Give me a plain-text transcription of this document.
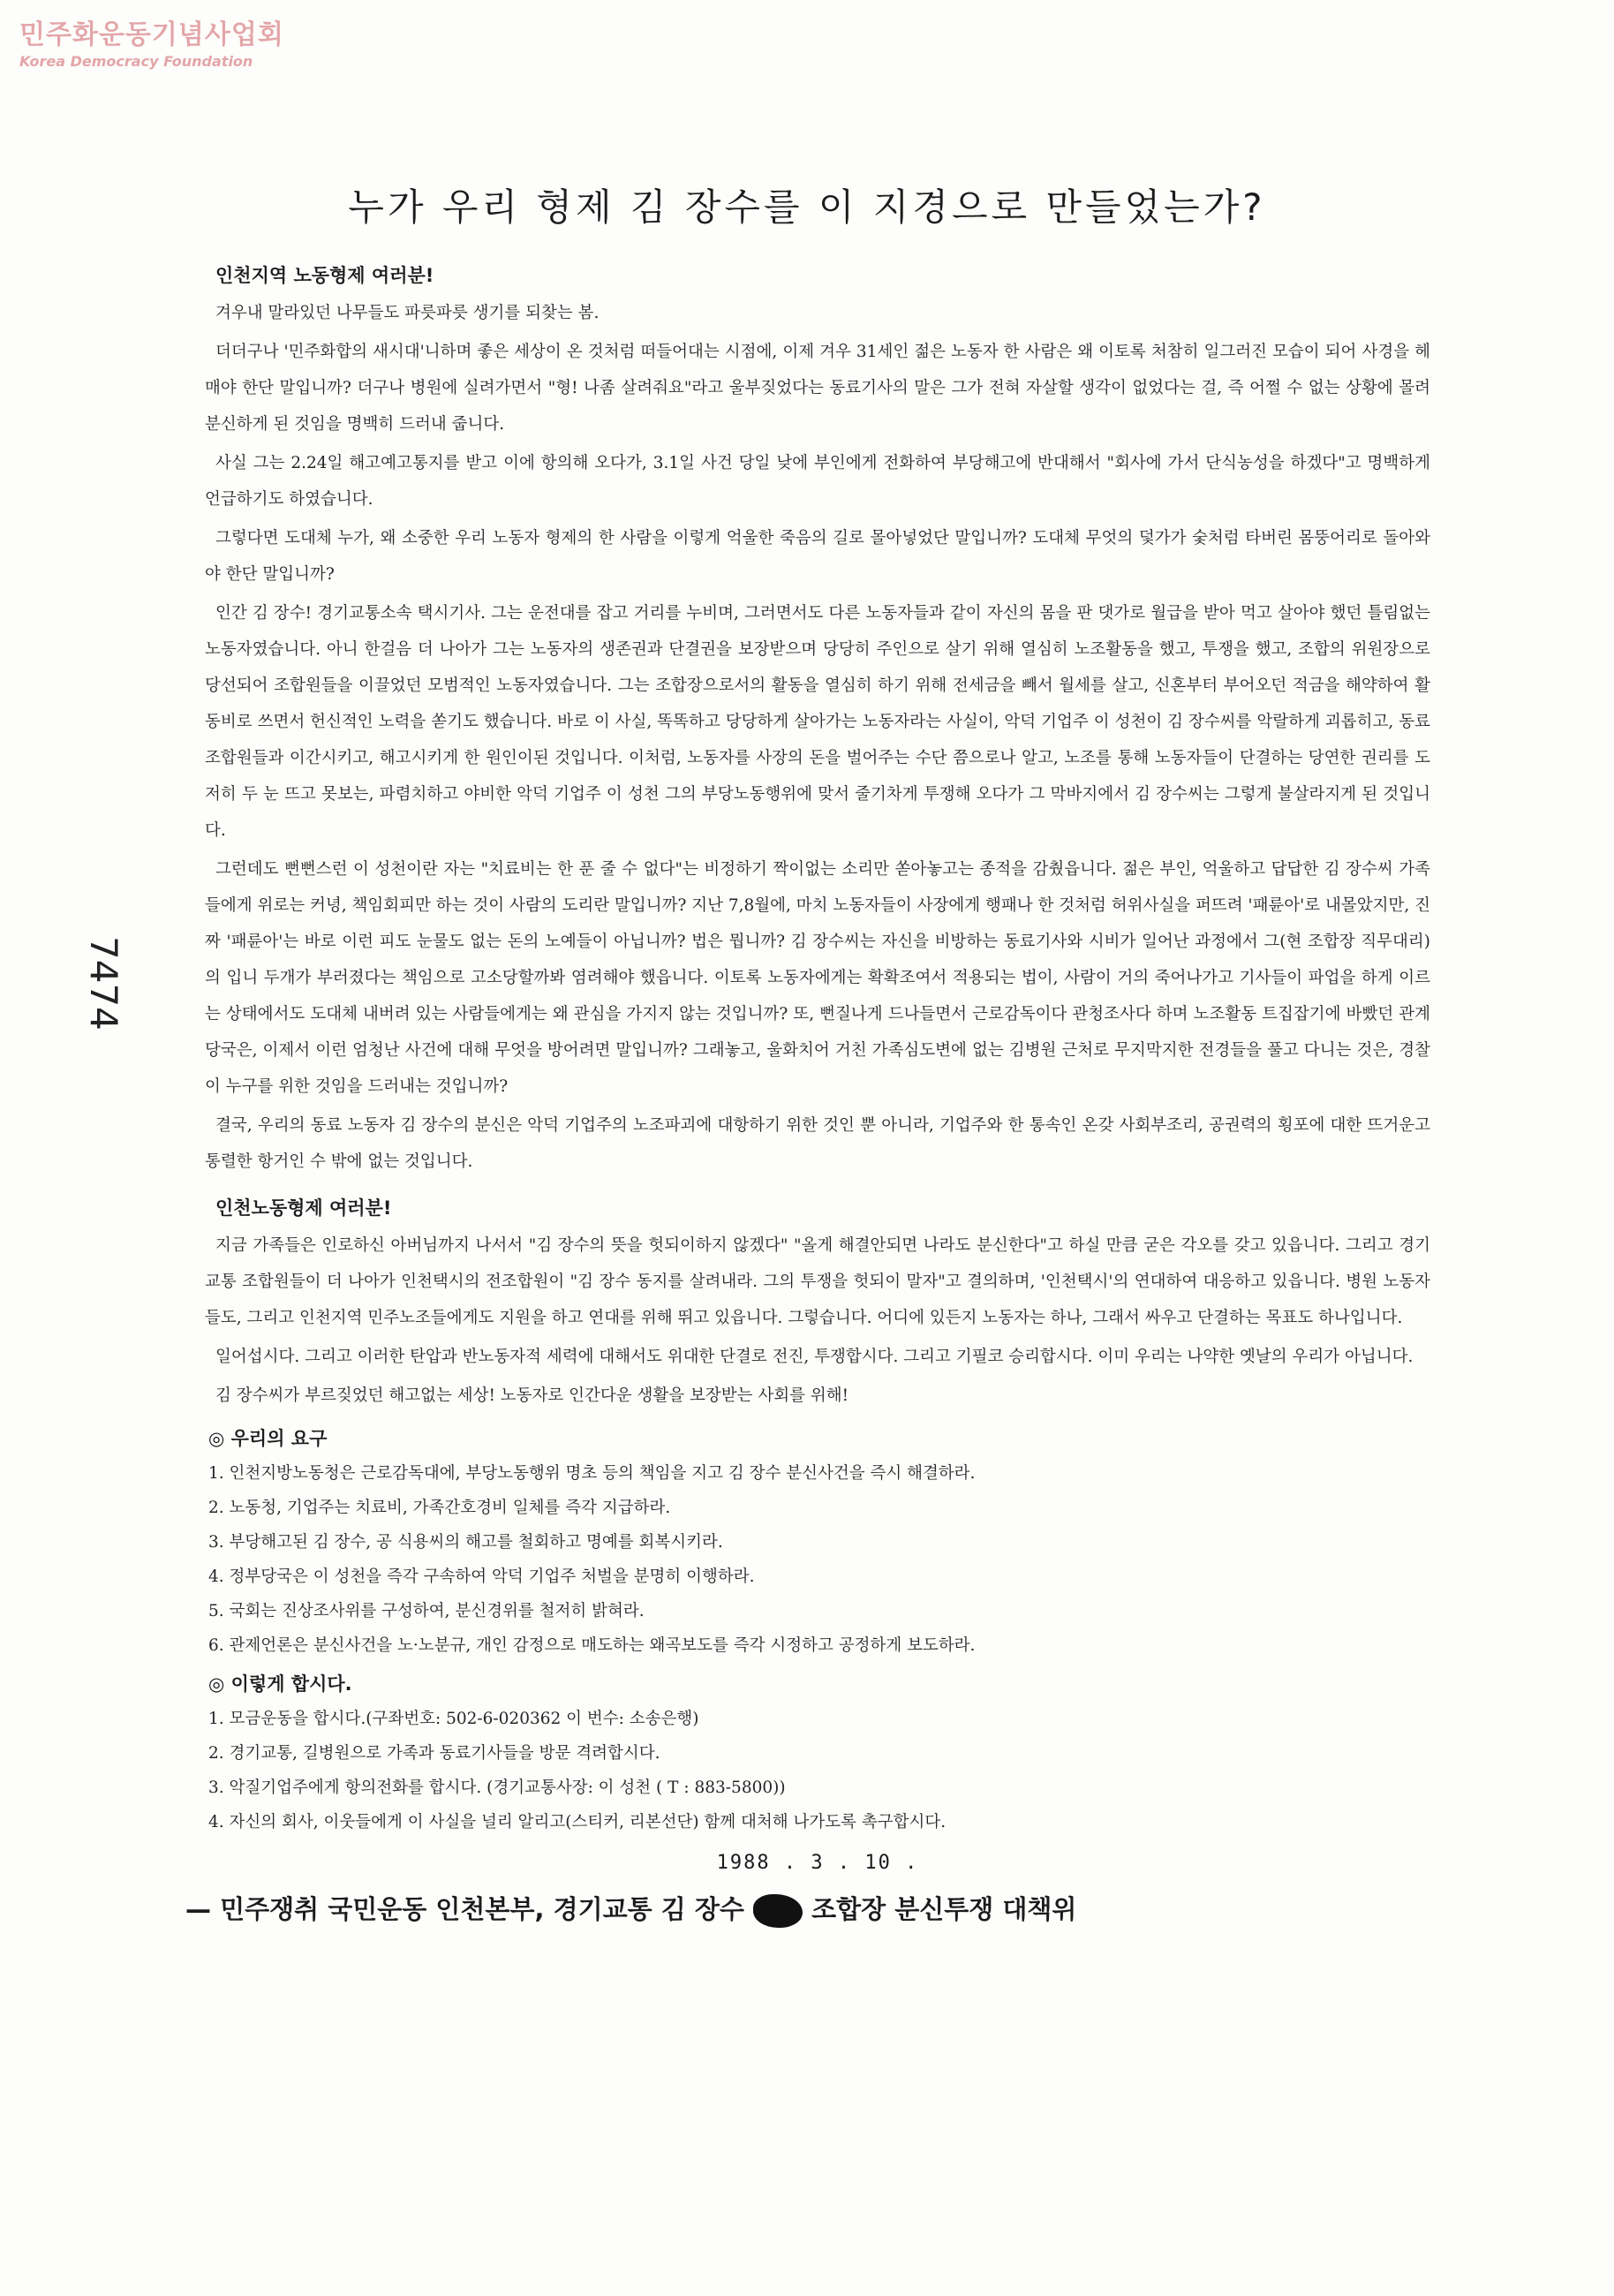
민주화운동기념사업회
Korea Democracy Foundation
7474
누가 우리 형제 김 장수를 이 지경으로 만들었는가?
인천지역 노동형제 여러분!

겨우내 말라있던 나무들도 파릇파릇 생기를 되찾는 봄.

더더구나 '민주화합의 새시대'니하며 좋은 세상이 온 것처럼 떠들어대는 시점에, 이제 겨우 31세인 젊은 노동자 한 사람은 왜 이토록 처참히 일그러진 모습이 되어 사경을 헤매야 한단 말입니까? 더구나 병원에 실려가면서 "형! 나좀 살려줘요"라고 울부짖었다는 동료기사의 말은 그가 전혀 자살할 생각이 없었다는 걸, 즉 어쩔 수 없는 상황에 몰려 분신하게 된 것임을 명백히 드러내 줍니다.

사실 그는 2.24일 해고예고통지를 받고 이에 항의해 오다가, 3.1일 사건 당일 낮에 부인에게 전화하여 부당해고에 반대해서 "회사에 가서 단식농성을 하겠다"고 명백하게 언급하기도 하였습니다.

그렇다면 도대체 누가, 왜 소중한 우리 노동자 형제의 한 사람을 이렇게 억울한 죽음의 길로 몰아넣었단 말입니까? 도대체 무엇의 덫가가 숯처럼 타버린 몸뚱어리로 돌아와야 한단 말입니까?

인간 김 장수! 경기교통소속 택시기사. 그는 운전대를 잡고 거리를 누비며, 그러면서도 다른 노동자들과 같이 자신의 몸을 판 댓가로 월급을 받아 먹고 살아야 했던 틀림없는 노동자였습니다. 아니 한걸음 더 나아가 그는 노동자의 생존권과 단결권을 보장받으며 당당히 주인으로 살기 위해 열심히 노조활동을 했고, 투쟁을 했고, 조합의 위원장으로 당선되어 조합원들을 이끌었던 모범적인 노동자였습니다. 그는 조합장으로서의 활동을 열심히 하기 위해 전세금을 빼서 월세를 살고, 신혼부터 부어오던 적금을 해약하여 활동비로 쓰면서 헌신적인 노력을 쏟기도 했습니다. 바로 이 사실, 똑똑하고 당당하게 살아가는 노동자라는 사실이, 악덕 기업주 이 성천이 김 장수씨를 악랄하게 괴롭히고, 동료 조합원들과 이간시키고, 해고시키게 한 원인이된 것입니다. 이처럼, 노동자를 사장의 돈을 벌어주는 수단 쯤으로나 알고, 노조를 통해 노동자들이 단결하는 당연한 권리를 도저히 두 눈 뜨고 못보는, 파렴치하고 야비한 악덕 기업주 이 성천 그의 부당노동행위에 맞서 줄기차게 투쟁해 오다가 그 막바지에서 김 장수씨는 그렇게 불살라지게 된 것입니다.

그런데도 뻔뻔스런 이 성천이란 자는 "치료비는 한 푼 줄 수 없다"는 비정하기 짝이없는 소리만 쏟아놓고는 종적을 감췄읍니다. 젊은 부인, 억울하고 답답한 김 장수씨 가족들에게 위로는 커녕, 책임회피만 하는 것이 사람의 도리란 말입니까? 지난 7,8월에, 마치 노동자들이 사장에게 행패나 한 것처럼 허위사실을 퍼뜨려 '패륜아'로 내몰았지만, 진짜 '패륜아'는 바로 이런 피도 눈물도 없는 돈의 노예들이 아닙니까? 법은 뭡니까? 김 장수씨는 자신을 비방하는 동료기사와 시비가 일어난 과정에서 그(현 조합장 직무대리)의 입니 두개가 부러졌다는 책임으로 고소당할까봐 염려해야 했읍니다. 이토록 노동자에게는 확확조여서 적용되는 법이, 사람이 거의 죽어나가고 기사들이 파업을 하게 이르는 상태에서도 도대체 내버려 있는 사람들에게는 왜 관심을 가지지 않는 것입니까? 또, 뻔질나게 드나들면서 근로감독이다 관청조사다 하며 노조활동 트집잡기에 바빴던 관계당국은, 이제서 이런 엄청난 사건에 대해 무엇을 방어려면 말입니까? 그래놓고, 울화치어 거친 가족심도변에 없는 김병원 근처로 무지막지한 전경들을 풀고 다니는 것은, 경찰이 누구를 위한 것임을 드러내는 것입니까?

결국, 우리의 동료 노동자 김 장수의 분신은 악덕 기업주의 노조파괴에 대항하기 위한 것인 뿐 아니라, 기업주와 한 통속인 온갖 사회부조리, 공권력의 횡포에 대한 뜨거운고 통렬한 항거인 수 밖에 없는 것입니다.

인천노동형제 여러분!

지금 가족들은 인로하신 아버님까지 나서서 "김 장수의 뜻을 헛되이하지 않겠다" "올게 해결안되면 나라도 분신한다"고 하실 만큼 굳은 각오를 갖고 있읍니다. 그리고 경기교통 조합원들이 더 나아가 인천택시의 전조합원이 "김 장수 동지를 살려내라. 그의 투쟁을 헛되이 말자"고 결의하며, '인천택시'의 연대하여 대응하고 있읍니다. 병원 노동자들도, 그리고 인천지역 민주노조들에게도 지원을 하고 연대를 위해 뛰고 있읍니다. 그렇습니다. 어디에 있든지 노동자는 하나, 그래서 싸우고 단결하는 목표도 하나입니다.

일어섭시다. 그리고 이러한 탄압과 반노동자적 세력에 대해서도 위대한 단결로 전진, 투쟁합시다. 그리고 기필코 승리합시다. 이미 우리는 나약한 옛날의 우리가 아닙니다.

김 장수씨가 부르짖었던 해고없는 세상! 노동자로 인간다운 생활을 보장받는 사회를 위해!

◎ 우리의 요구
1. 인천지방노동청은 근로감독대에, 부당노동행위 명초 등의 책임을 지고 김 장수 분신사건을 즉시 해결하라.
2. 노동청, 기업주는 치료비, 가족간호경비 일체를 즉각 지급하라.
3. 부당해고된 김 장수, 공 식용씨의 해고를 철회하고 명예를 회복시키라.
4. 정부당국은 이 성천을 즉각 구속하여 악덕 기업주 처벌을 분명히 이행하라.
5. 국회는 진상조사위를 구성하여, 분신경위를 철저히 밝혀라.
6. 관제언론은 분신사건을 노·노분규, 개인 감정으로 매도하는 왜곡보도를 즉각 시정하고 공정하게 보도하라.
◎ 이렇게 합시다.
1. 모금운동을 합시다.(구좌번호: 502-6-020362 이 번수: 소송은행)
2. 경기교통, 길병원으로 가족과 동료기사들을 방문 격려합시다.
3. 악질기업주에게 항의전화를 합시다. (경기교통사장: 이 성천 ( T : 883-5800))
4. 자신의 회사, 이웃들에게 이 사실을 널리 알리고(스티커, 리본선단) 함께 대처해 나가도록 촉구합시다.
1988 . 3 . 10 .
— 민주쟁취 국민운동 인천본부, 경기교통 김 장수	조합장 분신투쟁 대책위
